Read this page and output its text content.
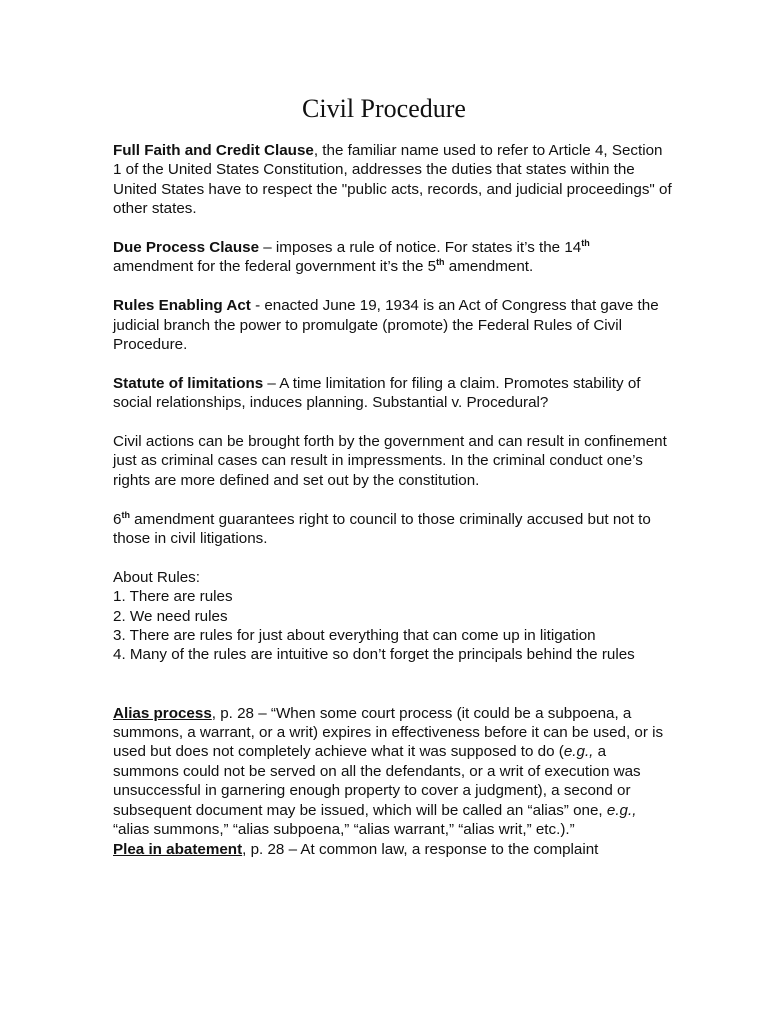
Civil Procedure

Full Faith and Credit Clause, the familiar name used to refer to Article 4, Section 1 of the United States Constitution, addresses the duties that states within the United States have to respect the "public acts, records, and judicial proceedings" of other states.

Due Process Clause – imposes a rule of notice. For states it’s the 14th amendment for the federal government it’s the 5th amendment.

Rules Enabling Act - enacted June 19, 1934 is an Act of Congress that gave the judicial branch the power to promulgate (promote) the Federal Rules of Civil Procedure.

Statute of limitations – A time limitation for filing a claim. Promotes stability of social relationships, induces planning. Substantial v. Procedural?

Civil actions can be brought forth by the government and can result in confinement just as criminal cases can result in impressments. In the criminal conduct one’s rights are more defined and set out by the constitution.

6th amendment guarantees right to council to those criminally accused but not to those in civil litigations.

About Rules:
1. There are rules
2. We need rules
3. There are rules for just about everything that can come up in litigation
4. Many of the rules are intuitive so don’t forget the principals behind the rules

Alias process, p. 28 – “When some court process (it could be a subpoena, a summons, a warrant, or a writ) expires in effectiveness before it can be used, or is used but does not completely achieve what it was supposed to do (e.g., a summons could not be served on all the defendants, or a writ of execution was unsuccessful in garnering enough property to cover a judgment), a second or subsequent document may be issued, which will be called an “alias” one, e.g., “alias summons,” “alias subpoena,” “alias warrant,” “alias writ,” etc.).”

Plea in abatement, p. 28 – At common law, a response to the complaint
